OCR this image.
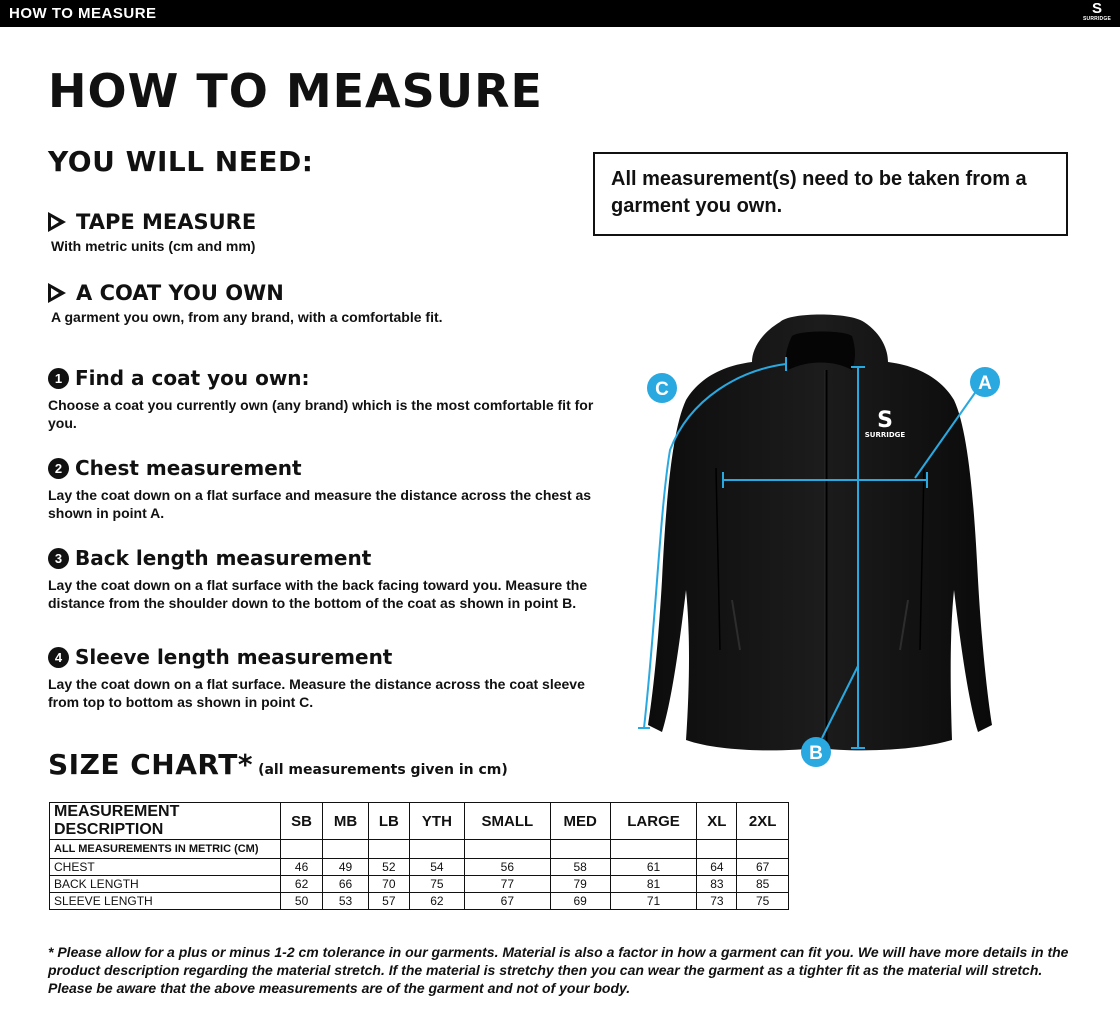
HOW TO MEASURE	S
SURRIDGE
HOW TO MEASURE
YOU WILL NEED:
TAPE MEASURE
With metric units (cm and mm)
A COAT YOU OWN
A garment you own, from any brand, with a comfortable fit.
1 Find a coat you own:
Choose a coat you currently own (any brand) which is the most comfortable fit for you.
2 Chest measurement
Lay the coat down on a flat surface and measure the distance across the chest as shown in point A.
3 Back length measurement
Lay the coat down on a flat surface with the back facing toward you. Measure the distance from the shoulder down to the bottom of the coat as shown in point B.
4 Sleeve length measurement
Lay the coat down on a flat surface. Measure the distance across the coat sleeve from top to bottom as shown in point C.
All measurement(s) need to be taken from a garment you own.
S
SURRIDGE
A
B
C
SIZE CHART* (all measurements given in cm)
MEASUREMENT DESCRIPTION	SB	MB	LB	YTH	SMALL	MED	LARGE	XL	2XL
ALL MEASUREMENTS IN METRIC (CM)									
CHEST	46	49	52	54	56	58	61	64	67
BACK LENGTH	62	66	70	75	77	79	81	83	85
SLEEVE LENGTH	50	53	57	62	67	69	71	73	75
* Please allow for a plus or minus 1-2 cm tolerance in our garments. Material is also a factor in how a garment can fit you. We will have more details in the product description regarding the material stretch. If the material is stretchy then you can wear the garment as a tighter fit as the material will stretch. Please be aware that the above measurements are of the garment and not of your body.
